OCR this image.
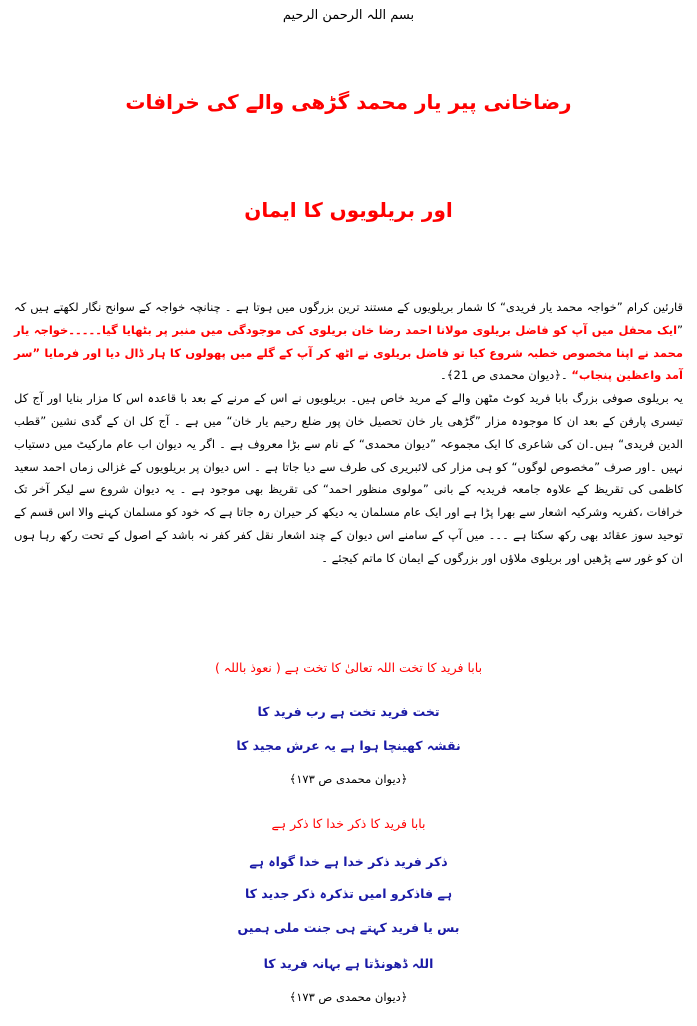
بسم اللہ الرحمن الرحیم
رضاخانی پیر یار محمد گڑھی والے کی خرافات
اور بریلویوں کا ایمان

قارئین کرام ”خواجہ محمد یار فریدی“ کا شمار بریلویوں کے مستند ترین بزرگوں میں ہوتا ہے ۔ چنانچہ خواجہ کے سوانح نگار لکھتے ہیں کہ ”ایک محفل میں آپ کو فاضل بریلوی مولانا احمد رضا خان بریلوی کی موجودگی میں منبر پر بٹھایا گیا۔۔۔۔۔خواجہ یار محمد نے اپنا مخصوص خطبہ شروع کیا تو فاضل بریلوی نے اٹھ کر آپ کے گلے میں پھولوں کا ہار ڈال دیا اور فرمایا ”سر آمد واعظین پنجاب“ ۔﴿دیوان محمدی ص 21﴾۔

یہ بریلوی صوفی بزرگ بابا فرید کوٹ مٹھن والے کے مرید خاص ہیں۔ بریلویوں نے اس کے مرنے کے بعد با قاعدہ اس کا مزار بنایا اور آج کل تیسری پارفن کے بعد ان کا موجودہ مزار ”گڑھی یار خان تحصیل خان پور ضلع رحیم یار خان“ میں ہے ۔ آج کل ان کے گدی نشین ”قطب الدین فریدی“ ہیں۔ان کی شاعری کا ایک مجموعہ ”دیوان محمدی“ کے نام سے بڑا معروف ہے ۔ اگر یہ دیوان اب عام مارکیٹ میں دستیاب نہیں ۔اور صرف ”مخصوص لوگوں“ کو ہی مزار کی لائبریری کی طرف سے دیا جاتا ہے ۔ اس دیوان پر بریلویوں کے غزالی زماں احمد سعید کاظمی کی تقریظ کے علاوہ جامعہ فریدیہ کے بانی ”مولوی منظور احمد“ کی تقریظ بھی موجود ہے ۔ یہ دیوان شروع سے لیکر آخر تک خرافات ،کفریہ وشرکیہ اشعار سے بھرا پڑا ہے اور ایک عام مسلمان یہ دیکھ کر حیران رہ جاتا ہے کہ خود کو مسلمان کہنے والا اس قسم کے توحید سوز عقائد بھی رکھ سکتا ہے ۔۔۔ میں آپ کے سامنے اس دیوان کے چند اشعار نقل کفر کفر نہ باشد کے اصول کے تحت رکھ رہا ہوں ان کو غور سے پڑھیں اور بریلوی ملاؤں اور بزرگوں کے ایمان کا ماتم کیجئے ۔

بابا فرید کا تخت اللہ تعالیٰ کا تخت ہے ( نعوذ باللہ )
تخت فرید تخت ہے رب فرید کا
نقشہ کھینچا ہوا ہے یہ عرش مجید کا
﴿دیوان محمدی ص ۱۷۳﴾
بابا فرید کا ذکر خدا کا ذکر ہے
ذکر فرید ذکر خدا ہے خدا گواہ ہے
ہے فاذکرو امیں تذکرہ ذکر جدید کا
بس یا فرید کہتے ہی جنت ملی ہمیں
اللہ ڈھونڈتا ہے بہانہ فرید کا
﴿دیوان محمدی ص ۱۷۳﴾
